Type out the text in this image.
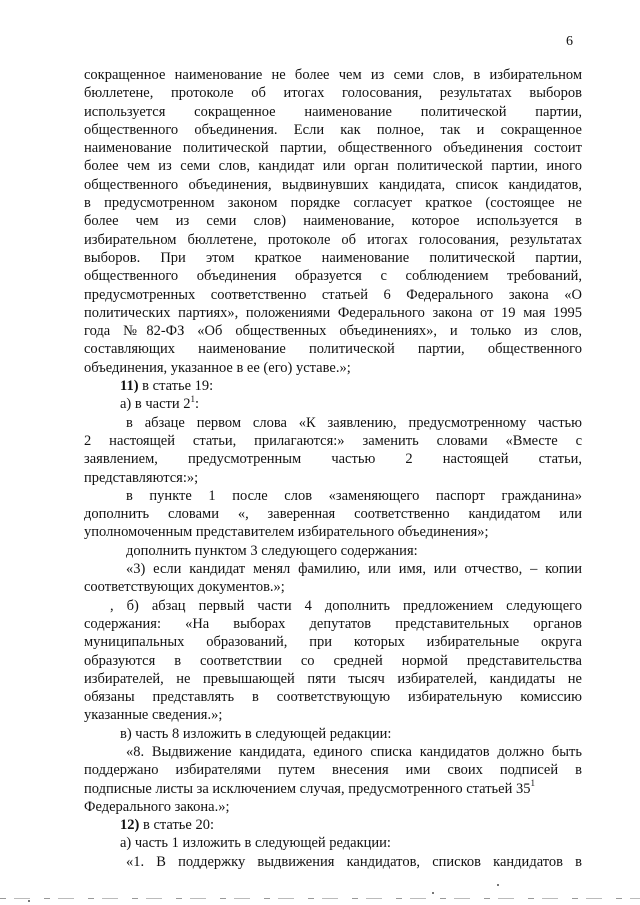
6
сокращенное наименование не более чем из семи слов, в избирательном
бюллетене, протоколе об итогах голосования, результатах выборов
используется сокращенное наименование политической партии,
общественного объединения. Если как полное, так и сокращенное
наименование политической партии, общественного объединения состоит
более чем из семи слов, кандидат или орган политической партии, иного
общественного объединения, выдвинувших кандидата, список кандидатов,
в предусмотренном законом порядке согласует краткое (состоящее не
более чем из семи слов) наименование, которое используется в
избирательном бюллетене, протоколе об итогах голосования, результатах
выборов. При этом краткое наименование политической партии,
общественного объединения образуется с соблюдением требований,
предусмотренных соответственно статьей 6 Федерального закона «О
политических партиях», положениями Федерального закона от 19 мая 1995
года №82-ФЗ «Об общественных объединениях», и только из слов,
составляющих наименование политической партии, общественного
объединения, указанное в ее (его) уставе.»;
11) в статье 19:
а) в части $2^1$:
в абзаце первом слова «К заявлению, предусмотренному частью
2 настоящей статьи, прилагаются:» заменить словами «Вместе с
заявлением, предусмотренным частью 2 настоящей статьи,
представляются:»;
в пункте 1 после слов «заменяющего паспорт гражданина»
дополнить словами «, заверенная соответственно кандидатом или
уполномоченным представителем избирательного объединения»;
дополнить пунктом 3 следующего содержания:
«3) если кандидат менял фамилию, или имя, или отчество, – копии
соответствующих документов.»;
, б) абзац первый части 4 дополнить предложением следующего
содержания: «На выборах депутатов представительных органов
муниципальных образований, при которых избирательные округа
образуются в соответствии со средней нормой представительства
избирателей, не превышающей пяти тысяч избирателей, кандидаты не
обязаны представлять в соответствующую избирательную комиссию
указанные сведения.»;
в) часть 8 изложить в следующей редакции:
«8. Выдвижение кандидата, единого списка кандидатов должно быть
поддержано избирателями путем внесения ими своих подписей в
подписные листы за исключением случая, предусмотренного статьей $35^1$
Федерального закона.»;
12) в статье 20:
а) часть 1 изложить в следующей редакции:
«1. В поддержку выдвижения кандидатов, списков кандидатов в
